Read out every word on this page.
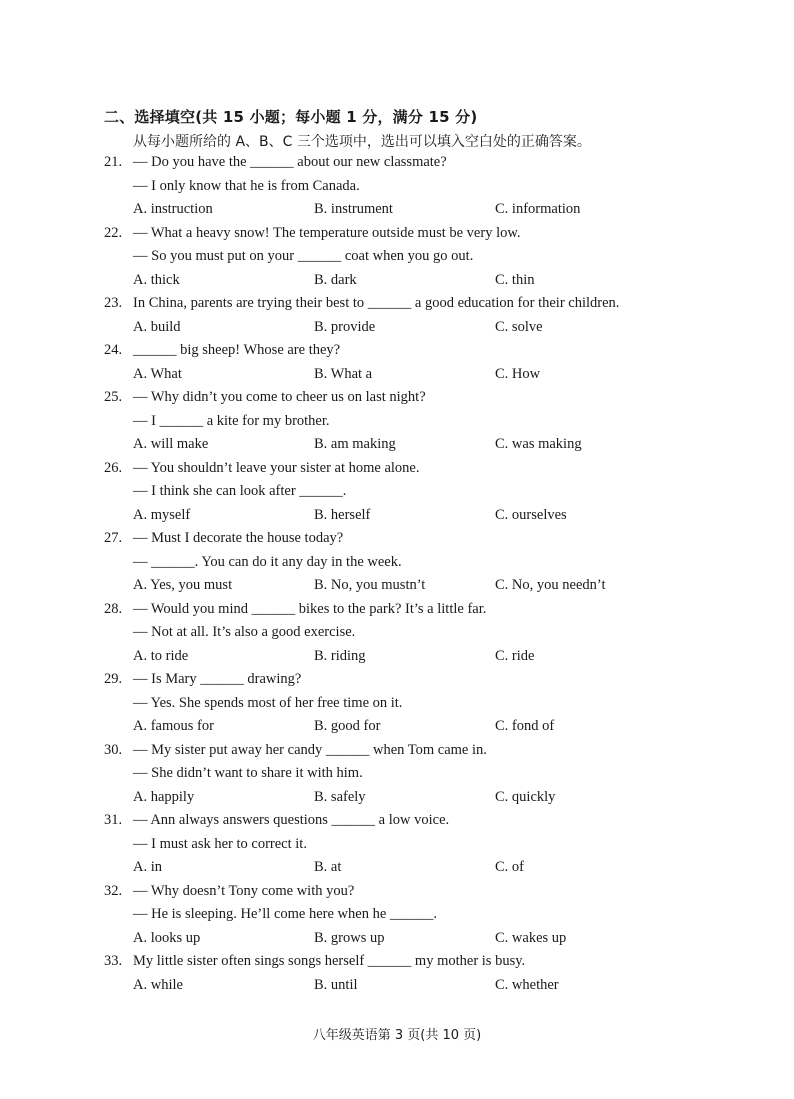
二、选择填空(共 15 小题；每小题 1 分，满分 15 分)
从每小题所给的 A、B、C 三个选项中，选出可以填入空白处的正确答案。
21. — Do you have the ______ about our new classmate?
— I only know that he is from Canada.
A. instruction	B. instrument	C. information
22. — What a heavy snow! The temperature outside must be very low.
— So you must put on your ______ coat when you go out.
A. thick	B. dark	C. thin
23. In China, parents are trying their best to ______ a good education for their children.
A. build	B. provide	C. solve
24. ______ big sheep! Whose are they?
A. What	B. What a	C. How
25. — Why didn’t you come to cheer us on last night?
— I ______ a kite for my brother.
A. will make	B. am making	C. was making
26. — You shouldn’t leave your sister at home alone.
— I think she can look after ______.
A. myself	B. herself	C. ourselves
27. — Must I decorate the house today?
— ______. You can do it any day in the week.
A. Yes, you must	B. No, you mustn’t	C. No, you needn’t
28. — Would you mind ______ bikes to the park? It’s a little far.
— Not at all. It’s also a good exercise.
A. to ride	B. riding	C. ride
29. — Is Mary ______ drawing?
— Yes. She spends most of her free time on it.
A. famous for	B. good for	C. fond of
30. — My sister put away her candy ______ when Tom came in.
— She didn’t want to share it with him.
A. happily	B. safely	C. quickly
31. — Ann always answers questions ______ a low voice.
— I must ask her to correct it.
A. in	B. at	C. of
32. — Why doesn’t Tony come with you?
— He is sleeping. He’ll come here when he ______.
A. looks up	B. grows up	C. wakes up
33. My little sister often sings songs herself ______ my mother is busy.
A. while	B. until	C. whether
八年级英语第 3 页(共 10 页)
